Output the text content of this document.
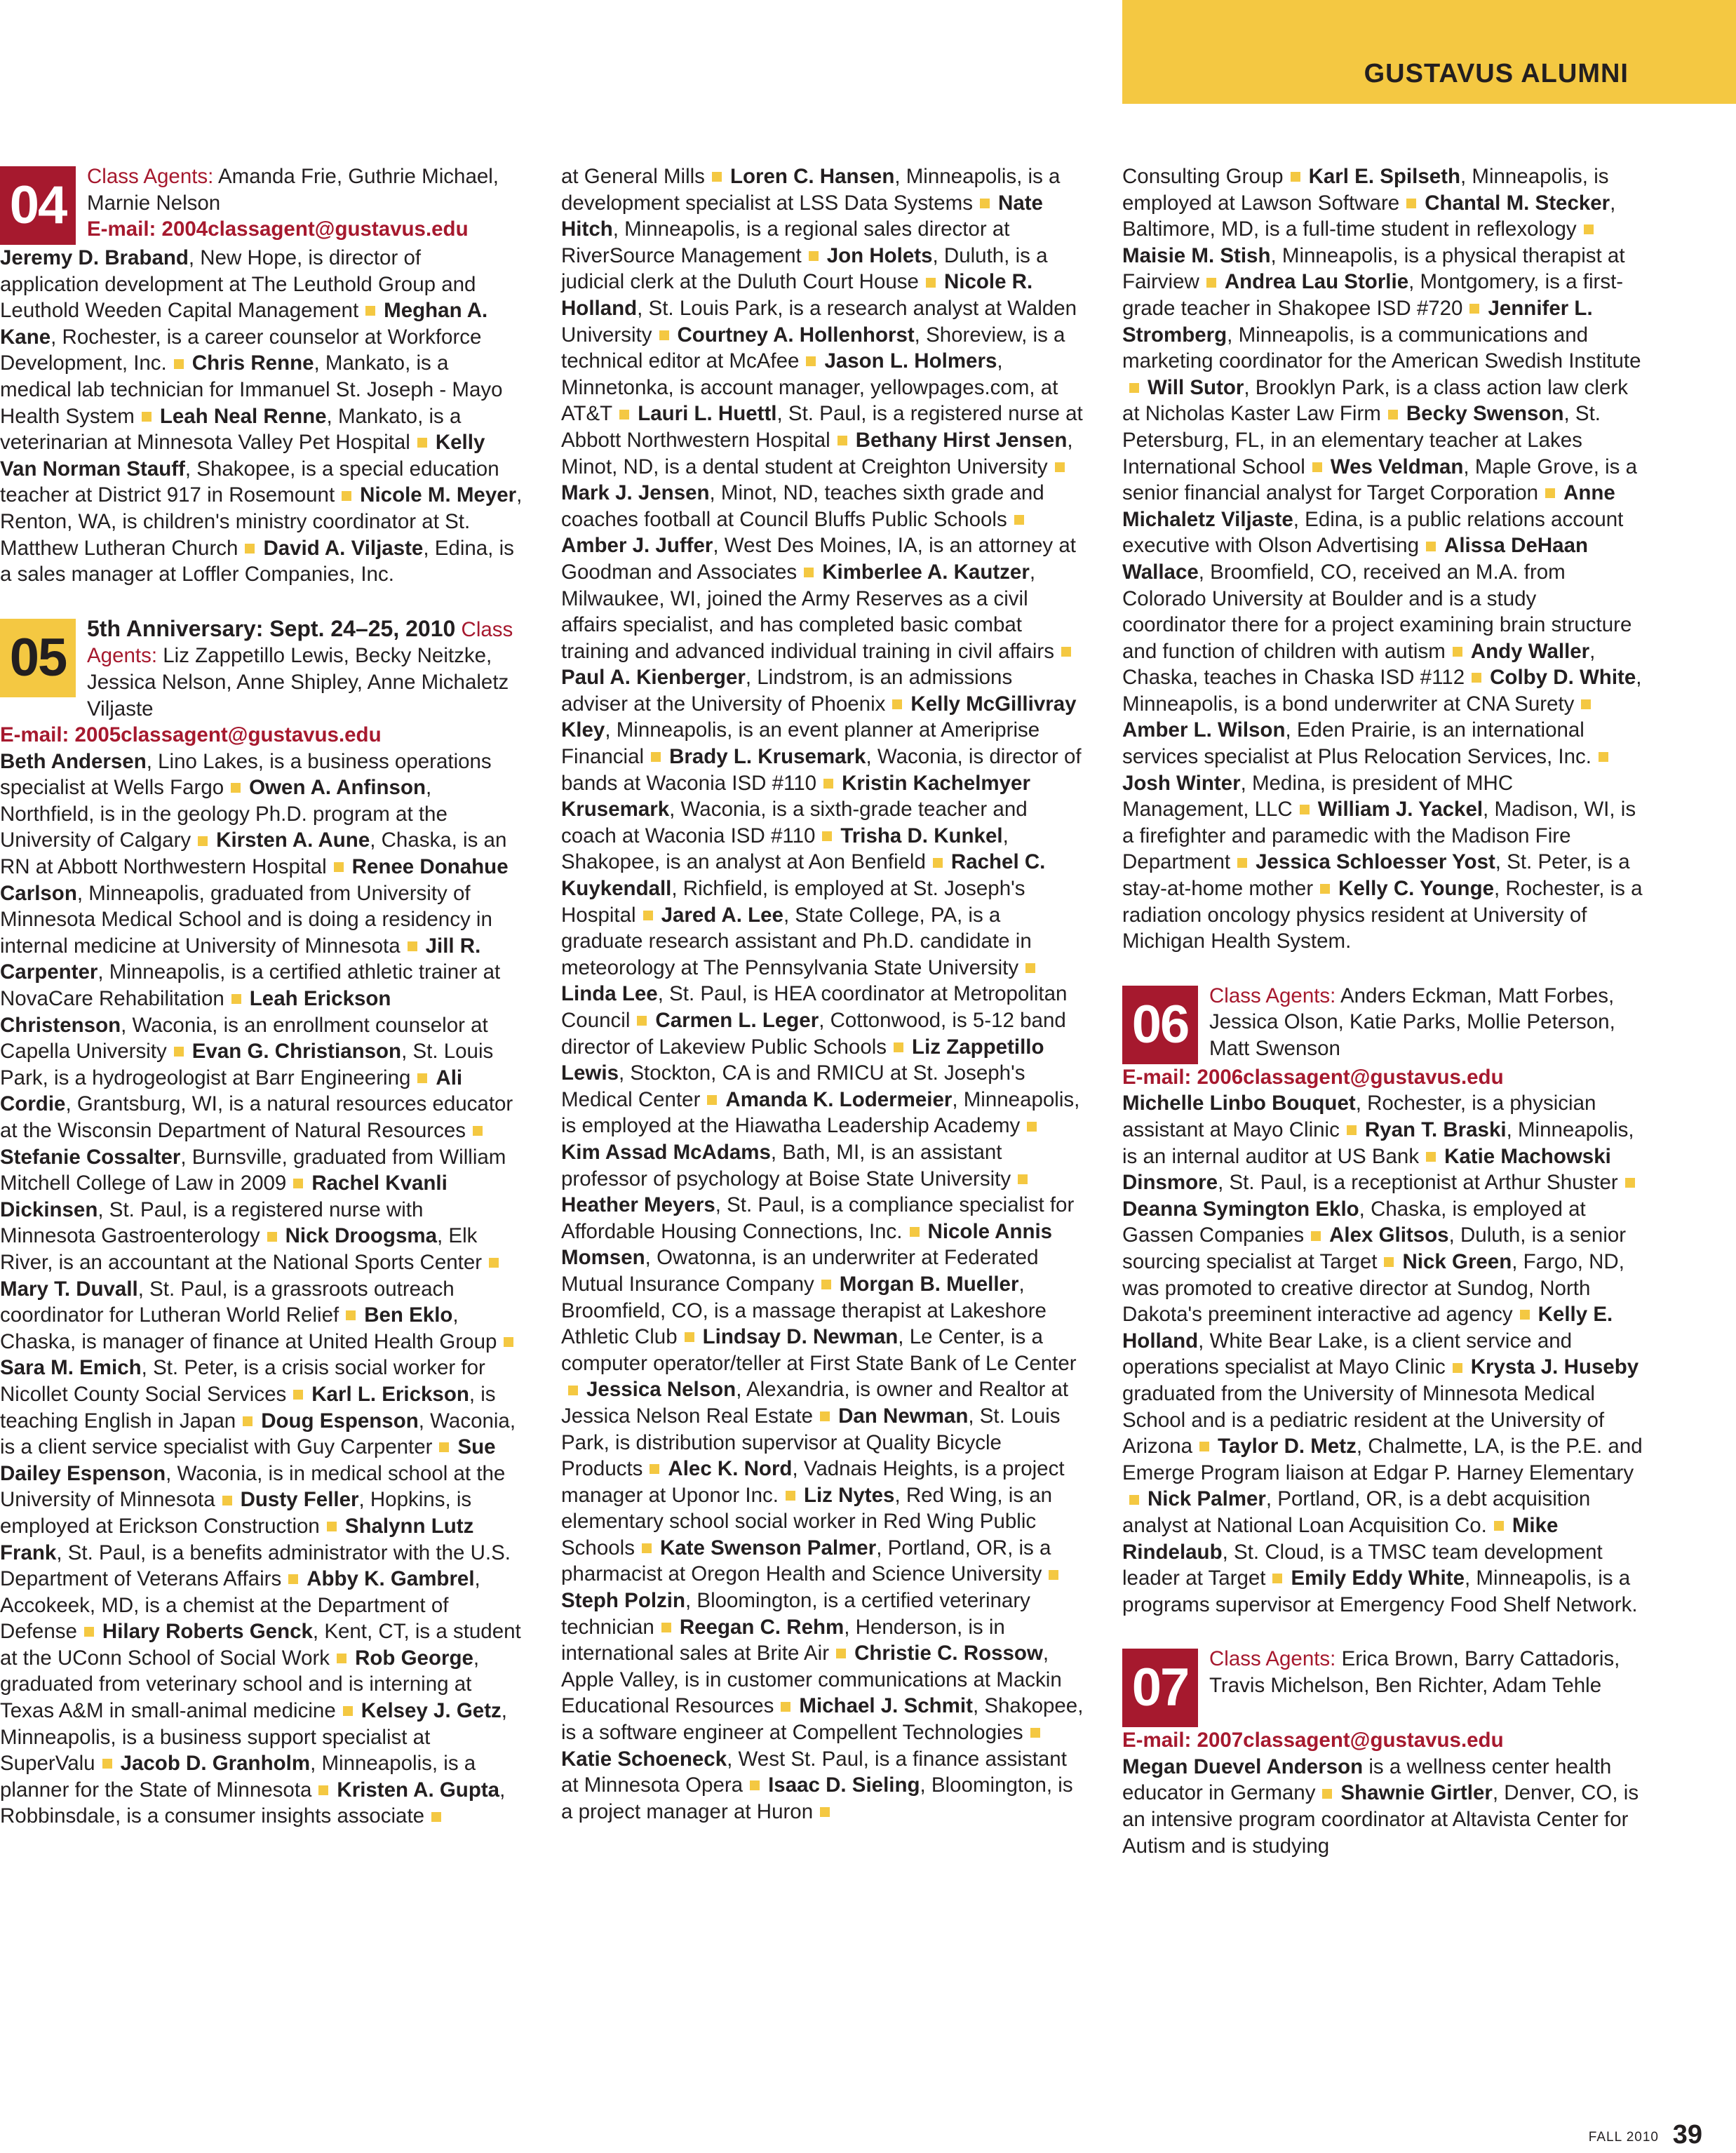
GUSTAVUS ALUMNI
04	Class Agents: Amanda Frie, Guthrie Michael, Marnie Nelson
E-mail: 2004classagent@gustavus.edu

Jeremy D. Braband, New Hope, is director of application development at The Leuthold Group and Leuthold Weeden Capital Management Meghan A. Kane, Rochester, is a career counselor at Workforce Development, Inc. Chris Renne, Mankato, is a medical lab technician for Immanuel St. Joseph - Mayo Health System Leah Neal Renne, Mankato, is a veterinarian at Minnesota Valley Pet Hospital Kelly Van Norman Stauff, Shakopee, is a special education teacher at District 917 in Rosemount Nicole M. Meyer, Renton, WA, is children's ministry coordinator at St. Matthew Lutheran Church David A. Viljaste, Edina, is a sales manager at Loffler Companies, Inc.

05 5th Anniversary: Sept. 24–25, 2010 Class Agents: Liz Zappetillo Lewis, Becky Neitzke, Jessica Nelson, Anne Shipley, Anne Michaletz Viljaste
E-mail: 2005classagent@gustavus.edu

Beth Andersen, Lino Lakes, is a business operations specialist at Wells Fargo Owen A. Anfinson, Northfield, is in the geology Ph.D. program at the University of Calgary Kirsten A. Aune, Chaska, is an RN at Abbott Northwestern Hospital Renee Donahue Carlson, Minneapolis, graduated from University of Minnesota Medical School and is doing a residency in internal medicine at University of Minnesota Jill R. Carpenter, Minneapolis, is a certified athletic trainer at NovaCare Rehabilitation Leah Erickson Christenson, Waconia, is an enrollment counselor at Capella University Evan G. Christianson, St. Louis Park, is a hydrogeologist at Barr Engineering Ali Cordie, Grantsburg, WI, is a natural resources educator at the Wisconsin Department of Natural ResourcesStefanie Cossalter, Burnsville, graduated from William Mitchell College of Law in 2009 Rachel Kvanli Dickinsen, St. Paul, is a registered nurse with Minnesota Gastroenterology Nick Droogsma, Elk River, is an accountant at the National Sports CenterMary T. Duvall, St. Paul, is a grassroots outreach coordinator for Lutheran World Relief Ben Eklo, Chaska, is manager of finance at United Health GroupSara M. Emich, St. Peter, is a crisis social worker for Nicollet County Social Services Karl L. Erickson, is teaching English in Japan Doug Espenson, Waconia, is a client service specialist with Guy Carpenter Sue Dailey Espenson, Waconia, is in medical school at the University of Minnesota Dusty Feller, Hopkins, is employed at Erickson Construction Shalynn Lutz Frank, St. Paul, is a benefits administrator with the U.S. Department of Veterans Affairs Abby K. Gambrel, Accokeek, MD, is a chemist at the Department of Defense Hilary Roberts Genck, Kent, CT, is a student at the UConn School of Social Work Rob George, graduated from veterinary school and is interning at Texas A&M in small-animal medicine Kelsey J. Getz, Minneapolis, is a business support specialist at SuperValu Jacob D. Granholm, Minneapolis, is a planner for the State of Minnesota Kristen A. Gupta, Robbinsdale, is a consumer insights associate

at General Mills Loren C. Hansen, Minneapolis, is a development specialist at LSS Data Systems Nate Hitch, Minneapolis, is a regional sales director at RiverSource Management Jon Holets, Duluth, is a judicial clerk at the Duluth Court House Nicole R. Holland, St. Louis Park, is a research analyst at Walden University Courtney A. Hollenhorst, Shoreview, is a technical editor at McAfee Jason L. Holmers, Minnetonka, is account manager, yellowpages.com, at AT&T Lauri L. Huettl, St. Paul, is a registered nurse at Abbott Northwestern Hospital Bethany Hirst Jensen, Minot, ND, is a dental student at Creighton UniversityMark J. Jensen, Minot, ND, teaches sixth grade and coaches football at Council Bluffs Public SchoolsAmber J. Juffer, West Des Moines, IA, is an attorney at Goodman and Associates Kimberlee A. Kautzer, Milwaukee, WI, joined the Army Reserves as a civil affairs specialist, and has completed basic combat training and advanced individual training in civil affairsPaul A. Kienberger, Lindstrom, is an admissions adviser at the University of Phoenix Kelly McGillivray Kley, Minneapolis, is an event planner at Ameriprise Financial Brady L. Krusemark, Waconia, is director of bands at Waconia ISD #110 Kristin Kachelmyer Krusemark, Waconia, is a sixth-grade teacher and coach at Waconia ISD #110 Trisha D. Kunkel, Shakopee, is an analyst at Aon Benfield Rachel C. Kuykendall, Richfield, is employed at St. Joseph's Hospital Jared A. Lee, State College, PA, is a graduate research assistant and Ph.D. candidate in meteorology at The Pennsylvania State UniversityLinda Lee, St. Paul, is HEA coordinator at Metropolitan Council Carmen L. Leger, Cottonwood, is 5-12 band director of Lakeview Public Schools Liz Zappetillo Lewis, Stockton, CA is and RMICU at St. Joseph's Medical Center Amanda K. Lodermeier, Minneapolis, is employed at the Hiawatha Leadership AcademyKim Assad McAdams, Bath, MI, is an assistant professor of psychology at Boise State UniversityHeather Meyers, St. Paul, is a compliance specialist for Affordable Housing Connections, Inc. Nicole Annis Momsen, Owatonna, is an underwriter at Federated Mutual Insurance Company Morgan B. Mueller, Broomfield, CO, is a massage therapist at Lakeshore Athletic Club Lindsay D. Newman, Le Center, is a computer operator/teller at First State Bank of Le CenterJessica Nelson, Alexandria, is owner and Realtor at Jessica Nelson Real Estate Dan Newman, St. Louis Park, is distribution supervisor at Quality Bicycle Products Alec K. Nord, Vadnais Heights, is a project manager at Uponor Inc. Liz Nytes, Red Wing, is an elementary school social worker in Red Wing Public Schools Kate Swenson Palmer, Portland, OR, is a pharmacist at Oregon Health and Science UniversitySteph Polzin, Bloomington, is a certified veterinary technician Reegan C. Rehm, Henderson, is in international sales at Brite Air Christie C. Rossow, Apple Valley, is in customer communications at Mackin Educational Resources Michael J. Schmit, Shakopee, is a software engineer at Compellent TechnologiesKatie Schoeneck, West St. Paul, is a finance assistant at Minnesota Opera Isaac D. Sieling, Bloomington, is a project manager at Huron

Consulting Group Karl E. Spilseth, Minneapolis, is employed at Lawson Software Chantal M. Stecker, Baltimore, MD, is a full-time student in reflexologyMaisie M. Stish, Minneapolis, is a physical therapist at Fairview Andrea Lau Storlie, Montgomery, is a first-grade teacher in Shakopee ISD #720 Jennifer L. Stromberg, Minneapolis, is a communications and marketing coordinator for the American Swedish InstituteWill Sutor, Brooklyn Park, is a class action law clerk at Nicholas Kaster Law Firm Becky Swenson, St. Petersburg, FL, in an elementary teacher at Lakes International School Wes Veldman, Maple Grove, is a senior financial analyst for Target Corporation Anne Michaletz Viljaste, Edina, is a public relations account executive with Olson Advertising Alissa DeHaan Wallace, Broomfield, CO, received an M.A. from Colorado University at Boulder and is a study coordinator there for a project examining brain structure and function of children with autism Andy Waller, Chaska, teaches in Chaska ISD #112 Colby D. White, Minneapolis, is a bond underwriter at CNA SuretyAmber L. Wilson, Eden Prairie, is an international services specialist at Plus Relocation Services, Inc.Josh Winter, Medina, is president of MHC Management, LLC William J. Yackel, Madison, WI, is a firefighter and paramedic with the Madison Fire Department Jessica Schloesser Yost, St. Peter, is a stay-at-home mother Kelly C. Younge, Rochester, is a radiation oncology physics resident at University of Michigan Health System.

06	Class Agents: Anders Eckman, Matt Forbes, Jessica Olson, Katie Parks, Mollie Peterson, Matt Swenson
E-mail: 2006classagent@gustavus.edu

Michelle Linbo Bouquet, Rochester, is a physician assistant at Mayo Clinic Ryan T. Braski, Minneapolis, is an internal auditor at US Bank Katie Machowski Dinsmore, St. Paul, is a receptionist at Arthur ShusterDeanna Symington Eklo, Chaska, is employed at Gassen Companies Alex Glitsos, Duluth, is a senior sourcing specialist at Target Nick Green, Fargo, ND, was promoted to creative director at Sundog, North Dakota's preeminent interactive ad agency Kelly E. Holland, White Bear Lake, is a client service and operations specialist at Mayo Clinic Krysta J. Huseby graduated from the University of Minnesota Medical School and is a pediatric resident at the University of Arizona Taylor D. Metz, Chalmette, LA, is the P.E. and Emerge Program liaison at Edgar P. Harney ElementaryNick Palmer, Portland, OR, is a debt acquisition analyst at National Loan Acquisition Co. Mike Rindelaub, St. Cloud, is a TMSC team development leader at Target Emily Eddy White, Minneapolis, is a programs supervisor at Emergency Food Shelf Network.

07	Class Agents: Erica Brown, Barry Cattadoris, Travis Michelson, Ben Richter, Adam Tehle
E-mail: 2007classagent@gustavus.edu

Megan Duevel Anderson is a wellness center health educator in Germany Shawnie Girtler, Denver, CO, is an intensive program coordinator at Altavista Center for Autism and is studying

FALL 2010 39
